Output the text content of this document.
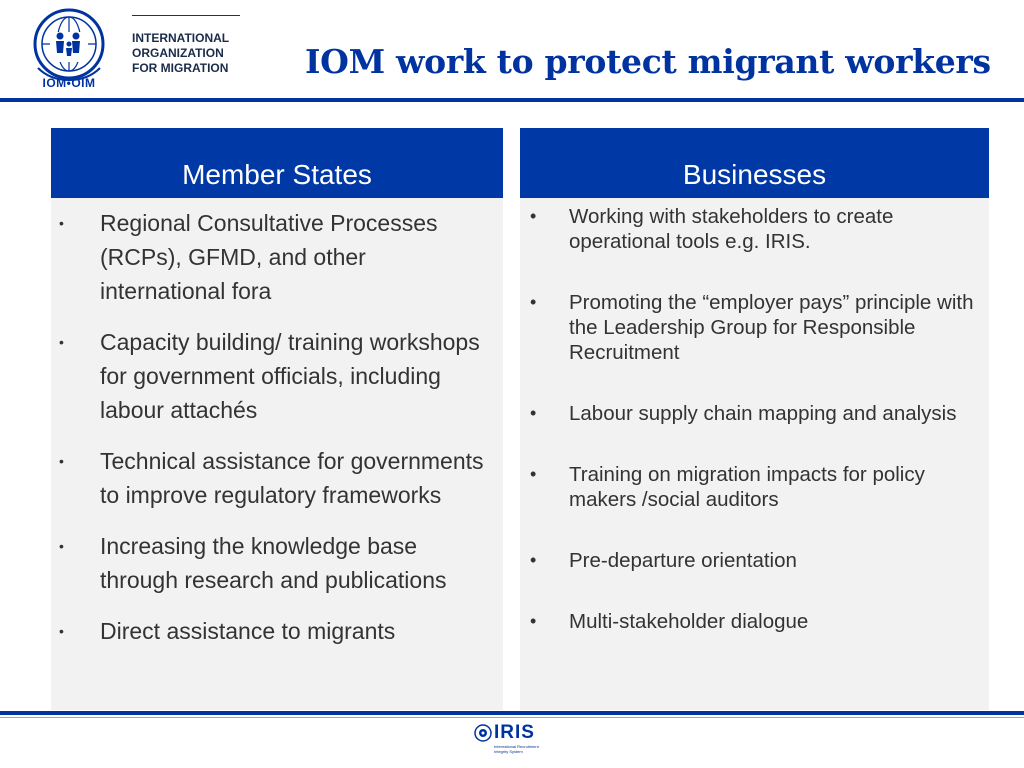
IOM•OIM
INTERNATIONAL
ORGANIZATION
FOR MIGRATION	IOM work to protect migrant workers
Member States
• Regional Consultative Processes (RCPs), GFMD, and other international fora
• Capacity building/ training workshops for government officials, including labour attachés
• Technical assistance for governments to improve regulatory frameworks
• Increasing the knowledge base through research and publications
• Direct assistance to migrants
Businesses
• Working with stakeholders to create operational tools e.g. IRIS.
• Promoting the “employer pays” principle with the Leadership Group for Responsible Recruitment
• Labour supply chain mapping and analysis
• Training on migration impacts for policy makers /social auditors
• Pre-departure orientation
• Multi-stakeholder dialogue
IRIS
International Recruitment Integrity System
